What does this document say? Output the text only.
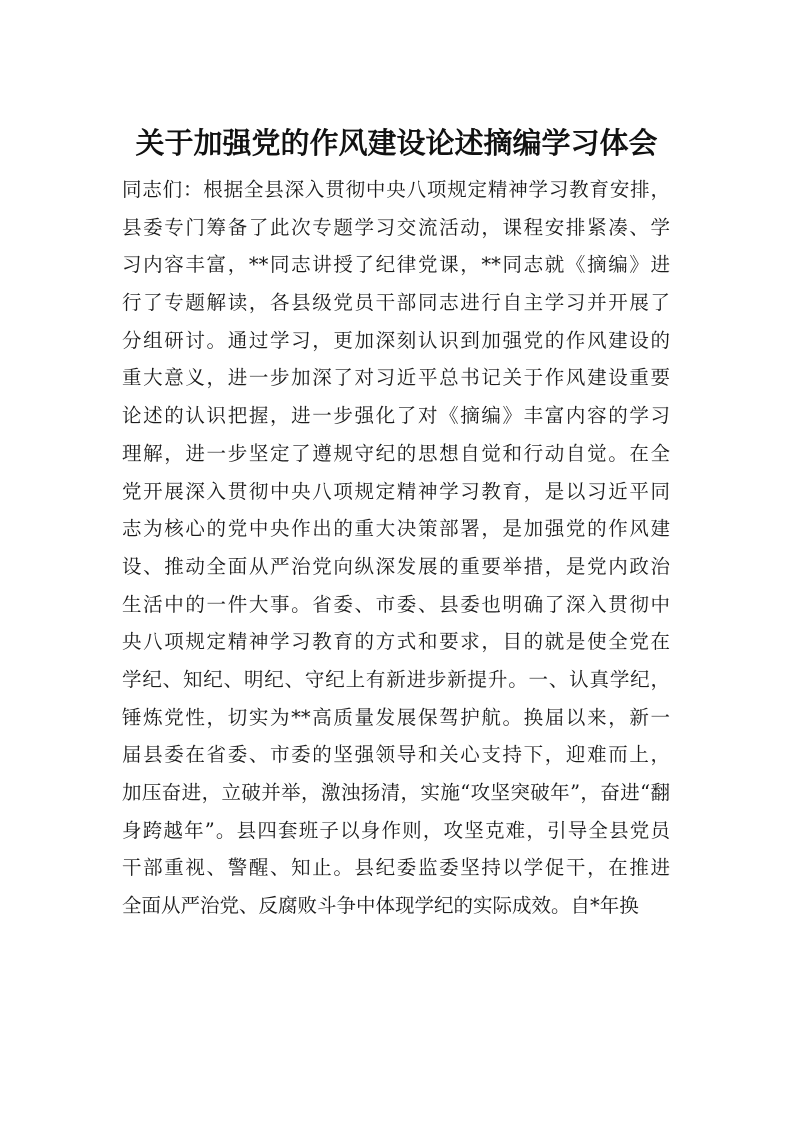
关于加强党的作风建设论述摘编学习体会
同志们：根据全县深入贯彻中央八项规定精神学习教育安排，
县委专门筹备了此次专题学习交流活动，课程安排紧凑、学
习内容丰富，**同志讲授了纪律党课，**同志就《摘编》进
行了专题解读，各县级党员干部同志进行自主学习并开展了
分组研讨。通过学习，更加深刻认识到加强党的作风建设的
重大意义，进一步加深了对习近平总书记关于作风建设重要
论述的认识把握，进一步强化了对《摘编》丰富内容的学习
理解，进一步坚定了遵规守纪的思想自觉和行动自觉。在全
党开展深入贯彻中央八项规定精神学习教育，是以习近平同
志为核心的党中央作出的重大决策部署，是加强党的作风建
设、推动全面从严治党向纵深发展的重要举措，是党内政治
生活中的一件大事。省委、市委、县委也明确了深入贯彻中
央八项规定精神学习教育的方式和要求，目的就是使全党在
学纪、知纪、明纪、守纪上有新进步新提升。一、认真学纪，
锤炼党性，切实为**高质量发展保驾护航。换届以来，新一
届县委在省委、市委的坚强领导和关心支持下，迎难而上，
加压奋进，立破并举，激浊扬清，实施“攻坚突破年”，奋进“翻
身跨越年”。县四套班子以身作则，攻坚克难，引导全县党员
干部重视、警醒、知止。县纪委监委坚持以学促干，在推进
全面从严治党、反腐败斗争中体现学纪的实际成效。自*年换
